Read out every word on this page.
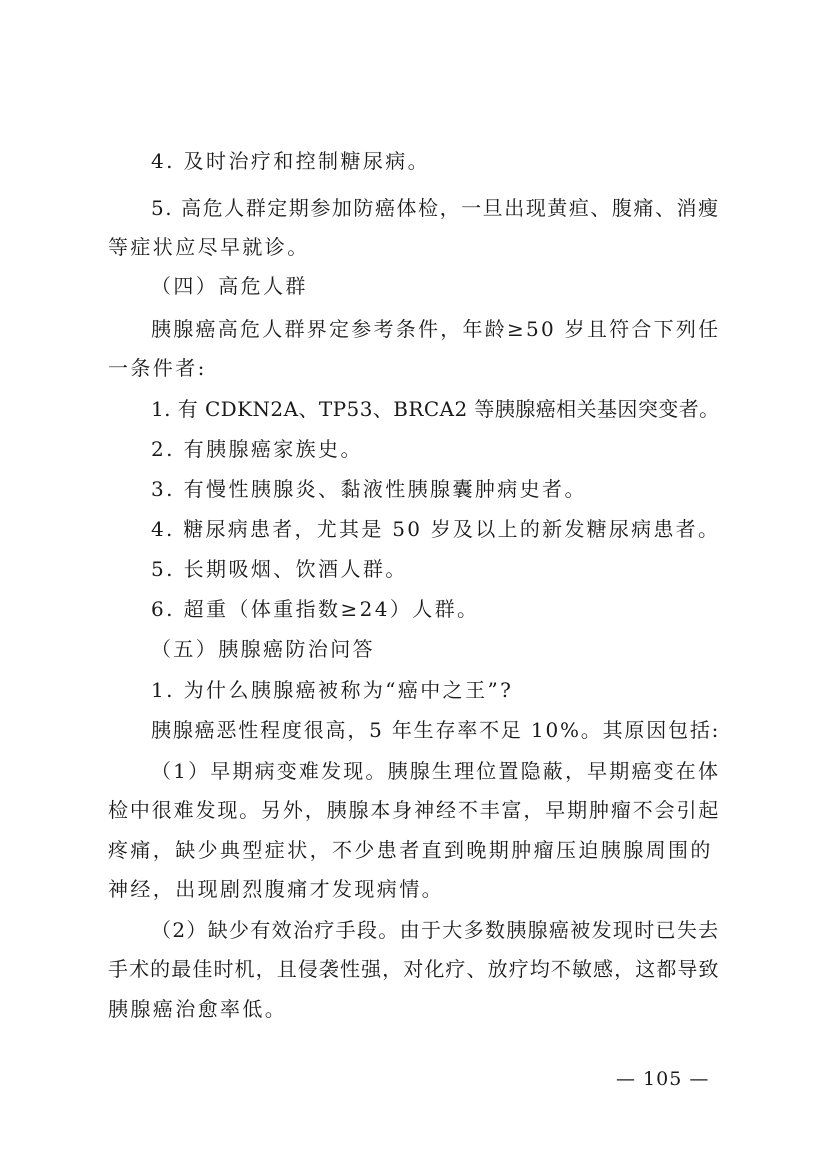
4. 及时治疗和控制糖尿病。
5. 高危人群定期参加防癌体检，一旦出现黄疸、腹痛、消瘦
等症状应尽早就诊。
（四）高危人群
胰腺癌高危人群界定参考条件，年龄≥50 岁且符合下列任
一条件者:
1. 有 CDKN2A、TP53、BRCA2 等胰腺癌相关基因突变者。
2. 有胰腺癌家族史。
3. 有慢性胰腺炎、黏液性胰腺囊肿病史者。
4. 糖尿病患者，尤其是 50 岁及以上的新发糖尿病患者。
5. 长期吸烟、饮酒人群。
6. 超重（体重指数≥24）人群。
（五）胰腺癌防治问答
1. 为什么胰腺癌被称为“癌中之王”?
胰腺癌恶性程度很高，5 年生存率不足 10%。其原因包括:
（1）早期病变难发现。胰腺生理位置隐蔽，早期癌变在体
检中很难发现。另外，胰腺本身神经不丰富，早期肿瘤不会引起
疼痛，缺少典型症状，不少患者直到晚期肿瘤压迫胰腺周围的
神经，出现剧烈腹痛才发现病情。
（2）缺少有效治疗手段。由于大多数胰腺癌被发现时已失去
手术的最佳时机，且侵袭性强，对化疗、放疗均不敏感，这都导致
胰腺癌治愈率低。
— 105 —
